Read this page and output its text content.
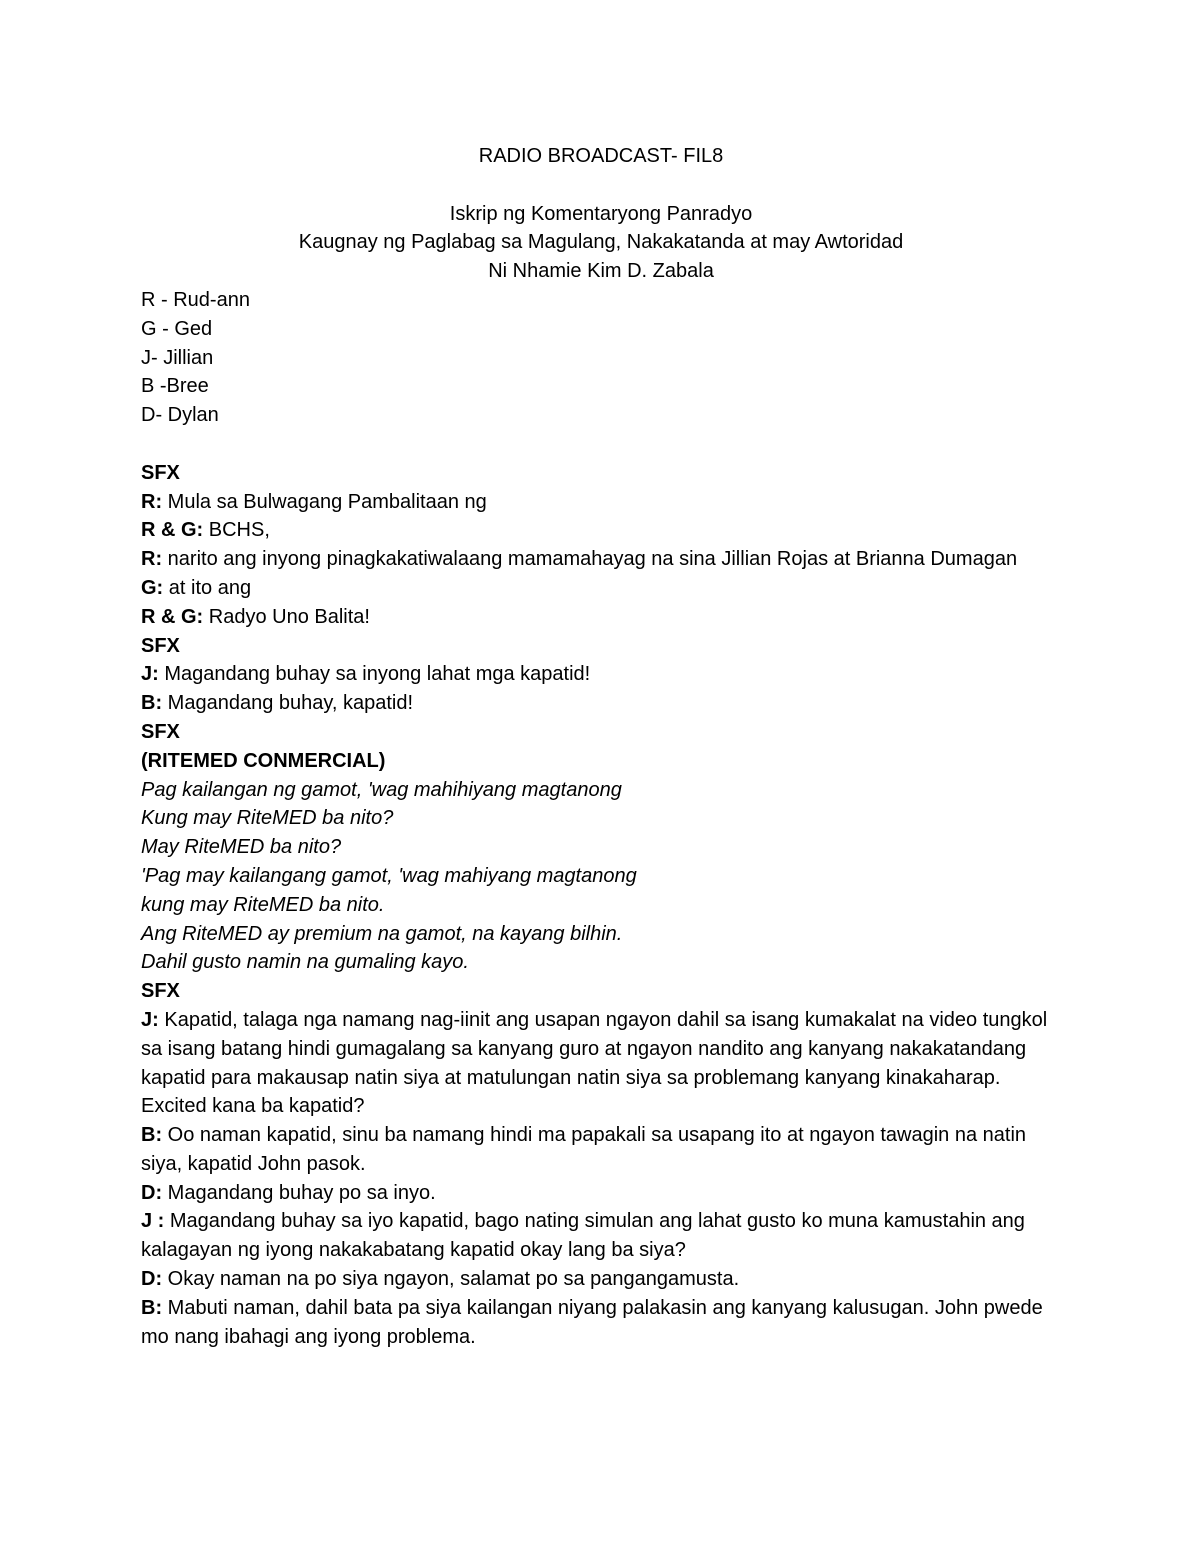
RADIO BROADCAST- FIL8

Iskrip ng Komentaryong Panradyo

Kaugnay ng Paglabag sa Magulang, Nakakatanda at may Awtoridad

Ni Nhamie Kim D. Zabala

R - Rud-ann

G - Ged

J- Jillian

B -Bree

D- Dylan

SFX

R: Mula sa Bulwagang Pambalitaan ng

R & G: BCHS,

R: narito ang inyong pinagkakatiwalaang mamamahayag na sina Jillian Rojas at Brianna Dumagan

G: at ito ang

R & G: Radyo Uno Balita!

SFX

J: Magandang buhay sa inyong lahat mga kapatid!

B: Magandang buhay, kapatid!

SFX

(RITEMED CONMERCIAL)

Pag kailangan ng gamot, 'wag mahihiyang magtanong

Kung may RiteMED ba nito?

May RiteMED ba nito?

'Pag may kailangang gamot, 'wag mahiyang magtanong

kung may RiteMED ba nito.

Ang RiteMED ay premium na gamot, na kayang bilhin.

Dahil gusto namin na gumaling kayo.

SFX

J: Kapatid, talaga nga namang nag-iinit ang usapan ngayon dahil sa isang kumakalat na video tungkol sa isang batang hindi gumagalang sa kanyang guro at ngayon nandito ang kanyang nakakatandang kapatid para makausap natin siya at matulungan natin siya sa problemang kanyang kinakaharap. Excited kana ba kapatid?

B: Oo naman kapatid, sinu ba namang hindi ma papakali sa usapang ito at ngayon tawagin na natin siya, kapatid John pasok.

D: Magandang buhay po sa inyo.

J : Magandang buhay sa iyo kapatid, bago nating simulan ang lahat gusto ko muna kamustahin ang kalagayan ng iyong nakakabatang kapatid okay lang ba siya?

D: Okay naman na po siya ngayon, salamat po sa pangangamusta.

B: Mabuti naman, dahil bata pa siya kailangan niyang palakasin ang kanyang kalusugan. John pwede mo nang ibahagi ang iyong problema.
